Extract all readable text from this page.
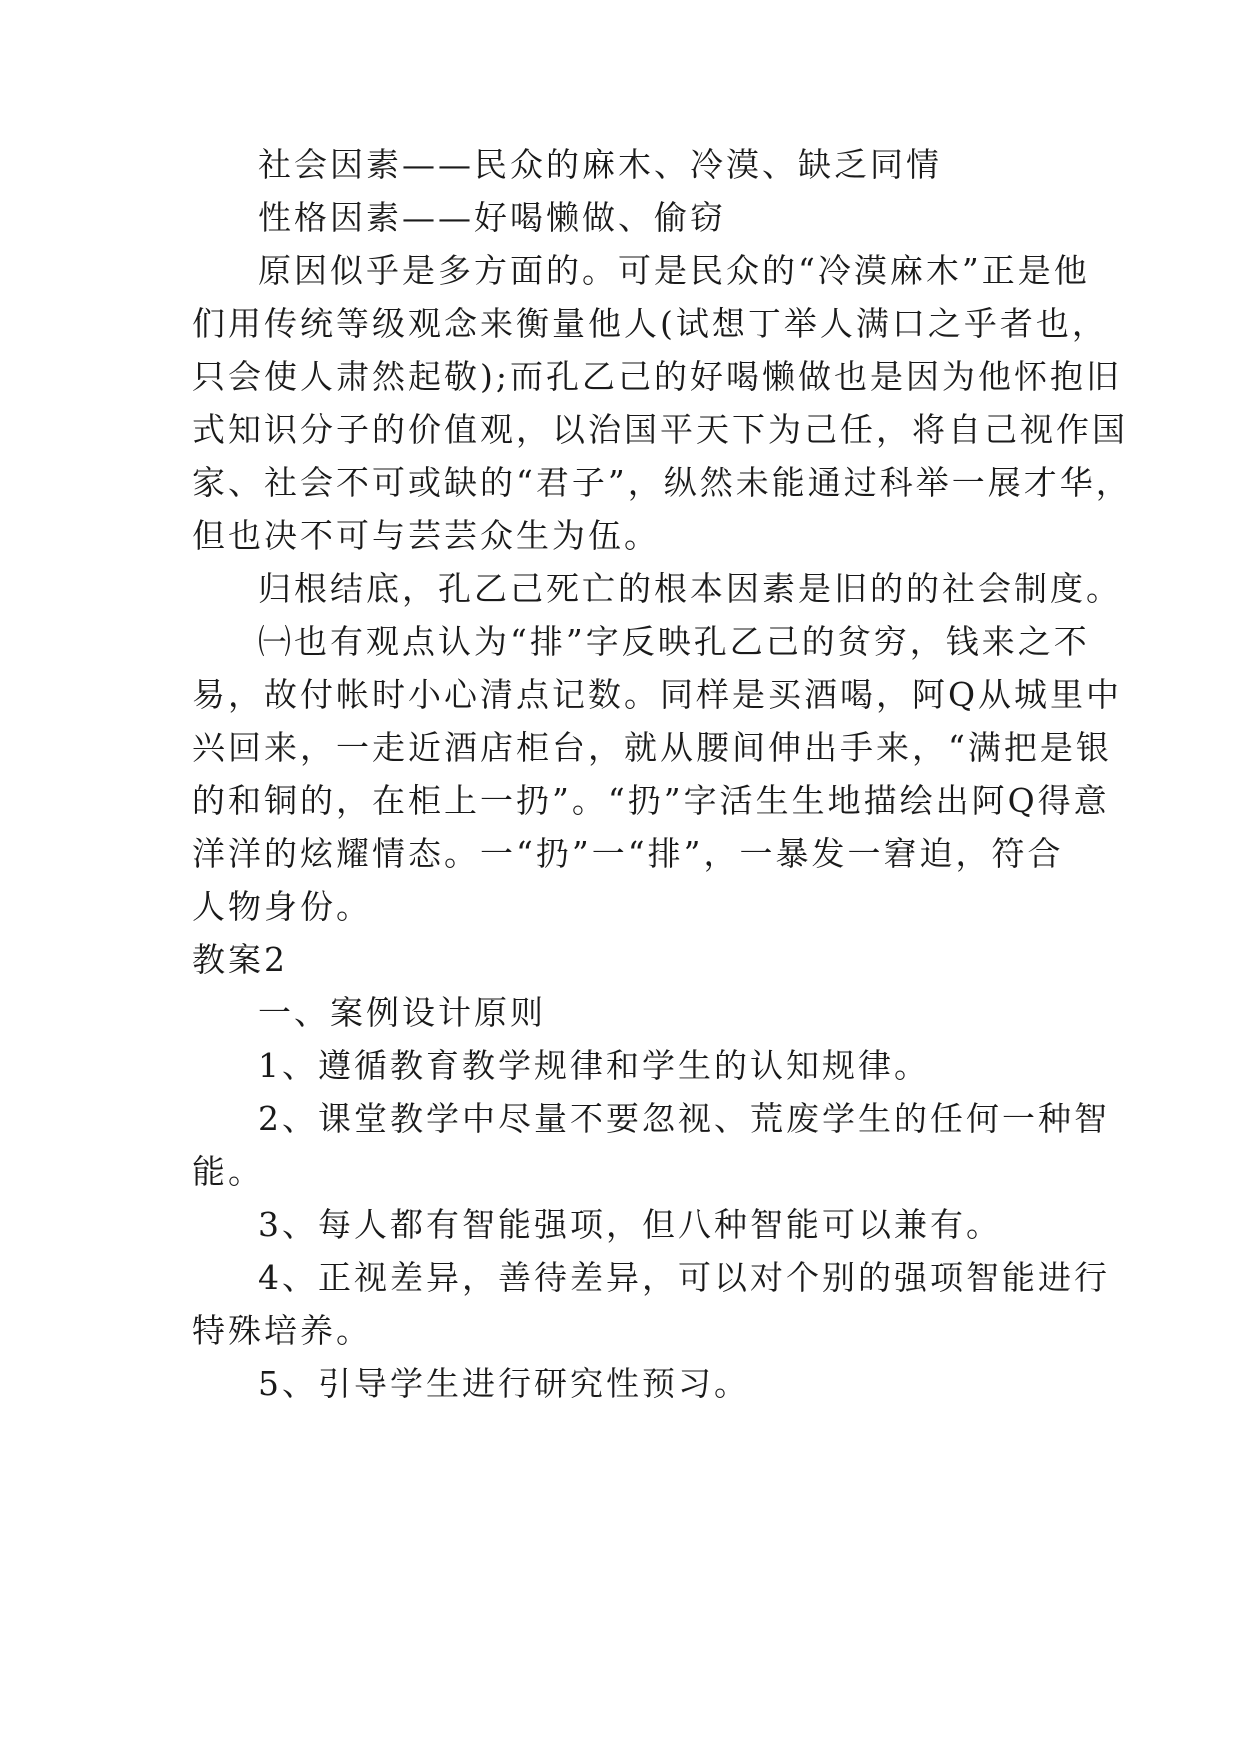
社会因素——民众的麻木、冷漠、缺乏同情
性格因素——好喝懒做、偷窃
原因似乎是多方面的。可是民众的“冷漠麻木”正是他
们用传统等级观念来衡量他人(试想丁举人满口之乎者也，
只会使人肃然起敬);而孔乙己的好喝懒做也是因为他怀抱旧
式知识分子的价值观，以治国平天下为己任，将自己视作国
家、社会不可或缺的“君子”，纵然未能通过科举一展才华，
但也决不可与芸芸众生为伍。
归根结底，孔乙己死亡的根本因素是旧的的社会制度。
㈠也有观点认为“排”字反映孔乙己的贫穷，钱来之不
易，故付帐时小心清点记数。同样是买酒喝，阿Q从城里中
兴回来，一走近酒店柜台，就从腰间伸出手来，“满把是银
的和铜的，在柜上一扔”。“扔”字活生生地描绘出阿Q得意
洋洋的炫耀情态。一“扔”一“排”，一暴发一窘迫，符合
人物身份。
教案2
一、案例设计原则
1、遵循教育教学规律和学生的认知规律。
2、课堂教学中尽量不要忽视、荒废学生的任何一种智
能。
3、每人都有智能强项，但八种智能可以兼有。
4、正视差异，善待差异，可以对个别的强项智能进行
特殊培养。
5、引导学生进行研究性预习。
